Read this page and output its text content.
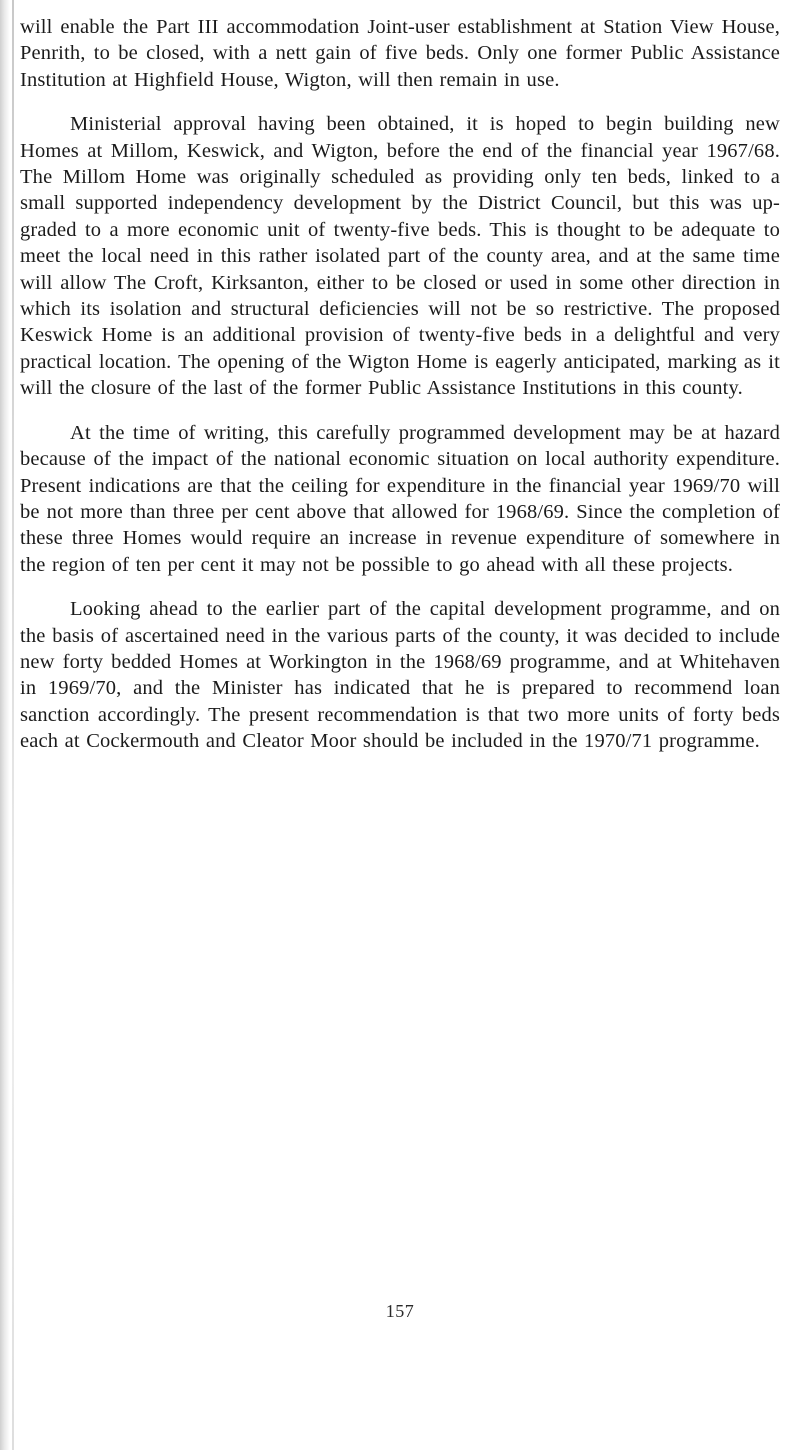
will enable the Part III accommodation Joint-user establishment at Station View House, Penrith, to be closed, with a nett gain of five beds. Only one former Public Assistance Institution at Highfield House, Wigton, will then remain in use.

Ministerial approval having been obtained, it is hoped to begin building new Homes at Millom, Keswick, and Wigton, before the end of the financial year 1967/68. The Millom Home was originally scheduled as providing only ten beds, linked to a small supported independency development by the District Council, but this was up-graded to a more economic unit of twenty-five beds. This is thought to be adequate to meet the local need in this rather isolated part of the county area, and at the same time will allow The Croft, Kirksanton, either to be closed or used in some other direction in which its isolation and structural deficiencies will not be so restrictive. The proposed Keswick Home is an additional provision of twenty-five beds in a delightful and very practical location. The opening of the Wigton Home is eagerly anticipated, marking as it will the closure of the last of the former Public Assistance Institutions in this county.

At the time of writing, this carefully programmed development may be at hazard because of the impact of the national economic situation on local authority expenditure. Present indications are that the ceiling for expenditure in the financial year 1969/70 will be not more than three per cent above that allowed for 1968/69. Since the completion of these three Homes would require an increase in revenue expenditure of somewhere in the region of ten per cent it may not be possible to go ahead with all these projects.

Looking ahead to the earlier part of the capital development programme, and on the basis of ascertained need in the various parts of the county, it was decided to include new forty bedded Homes at Workington in the 1968/69 programme, and at Whitehaven in 1969/70, and the Minister has indicated that he is prepared to recommend loan sanction accordingly. The present recommendation is that two more units of forty beds each at Cockermouth and Cleator Moor should be included in the 1970/71 programme.

157
